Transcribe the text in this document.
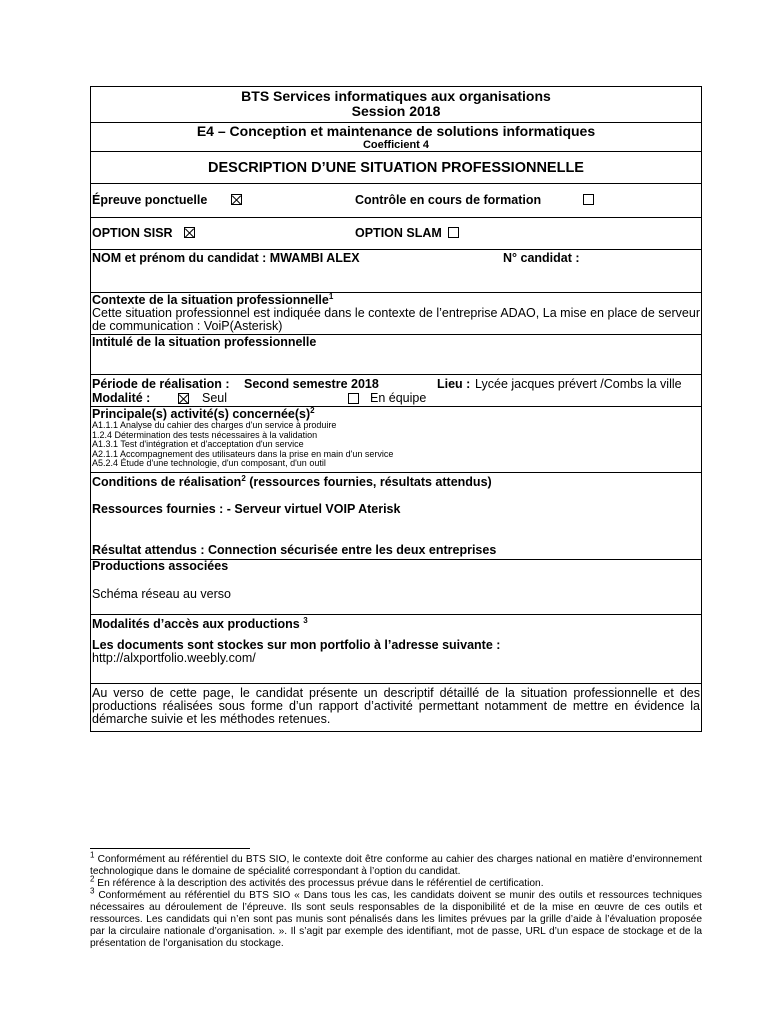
BTS Services informatiques aux organisations
Session 2018
E4 – Conception et maintenance de solutions informatiques
Coefficient 4
DESCRIPTION D’UNE SITUATION PROFESSIONNELLE
Épreuve ponctuelle	Contrôle en cours de formation
OPTION SISR	OPTION SLAM
NOM et prénom du candidat : MWAMBI ALEX	N° candidat :
Contexte de la situation professionnelle$^1$
Cette situation professionnel est indiquée dans le contexte de l’entreprise ADAO, La mise en place de serveur de communication : VoiP(Asterisk)
Intitulé de la situation professionnelle
Période de réalisation : Second semestre 2018	Lieu : Lycée jacques prévert /Combs la ville
Modalité :	Seul	En équipe
Principale(s) activité(s) $concernée(s)^2$
A1.1.1 Analyse du cahier des charges d'un service à produire
1.2.4 Détermination des tests nécessaires à la validation
A1.3.1 Test d'intégration et d'acceptation d'un service
A2.1.1 Accompagnement des utilisateurs dans la prise en main d'un service
A5.2.4 Étude d'une technologie, d'un composant, d'un outil
Conditions de réalisation$^2$ (ressources fournies, résultats attendus)
Ressources fournies : - Serveur virtuel VOIP Aterisk
Résultat attendus : Connection sécurisée entre les deux entreprises
Productions associées
Schéma réseau au verso
Modalités d’accès aux productions $^3$
Les documents sont stockes sur mon portfolio à l’adresse suivante :
http://alxportfolio.weebly.com/
Au verso de cette page, le candidat présente un descriptif détaillé de la situation professionnelle et des productions réalisées sous forme d’un rapport d’activité permettant notamment de mettre en évidence la démarche suivie et les méthodes retenues.

$^1$ Conformément au référentiel du BTS SIO, le contexte doit être conforme au cahier des charges national en matière d’environnement technologique dans le domaine de spécialité correspondant à l’option du candidat.

$^2$ En référence à la description des activités des processus prévue dans le référentiel de certification.

$^3$ Conformément au référentiel du BTS SIO « Dans tous les cas, les candidats doivent se munir des outils et ressources techniques nécessaires au déroulement de l’épreuve. Ils sont seuls responsables de la disponibilité et de la mise en œuvre de ces outils et ressources. Les candidats qui n’en sont pas munis sont pénalisés dans les limites prévues par la grille d’aide à l’évaluation proposée par la circulaire nationale d’organisation. ». Il s’agit par exemple des identifiant, mot de passe, URL d’un espace de stockage et de la présentation de l’organisation du stockage.
